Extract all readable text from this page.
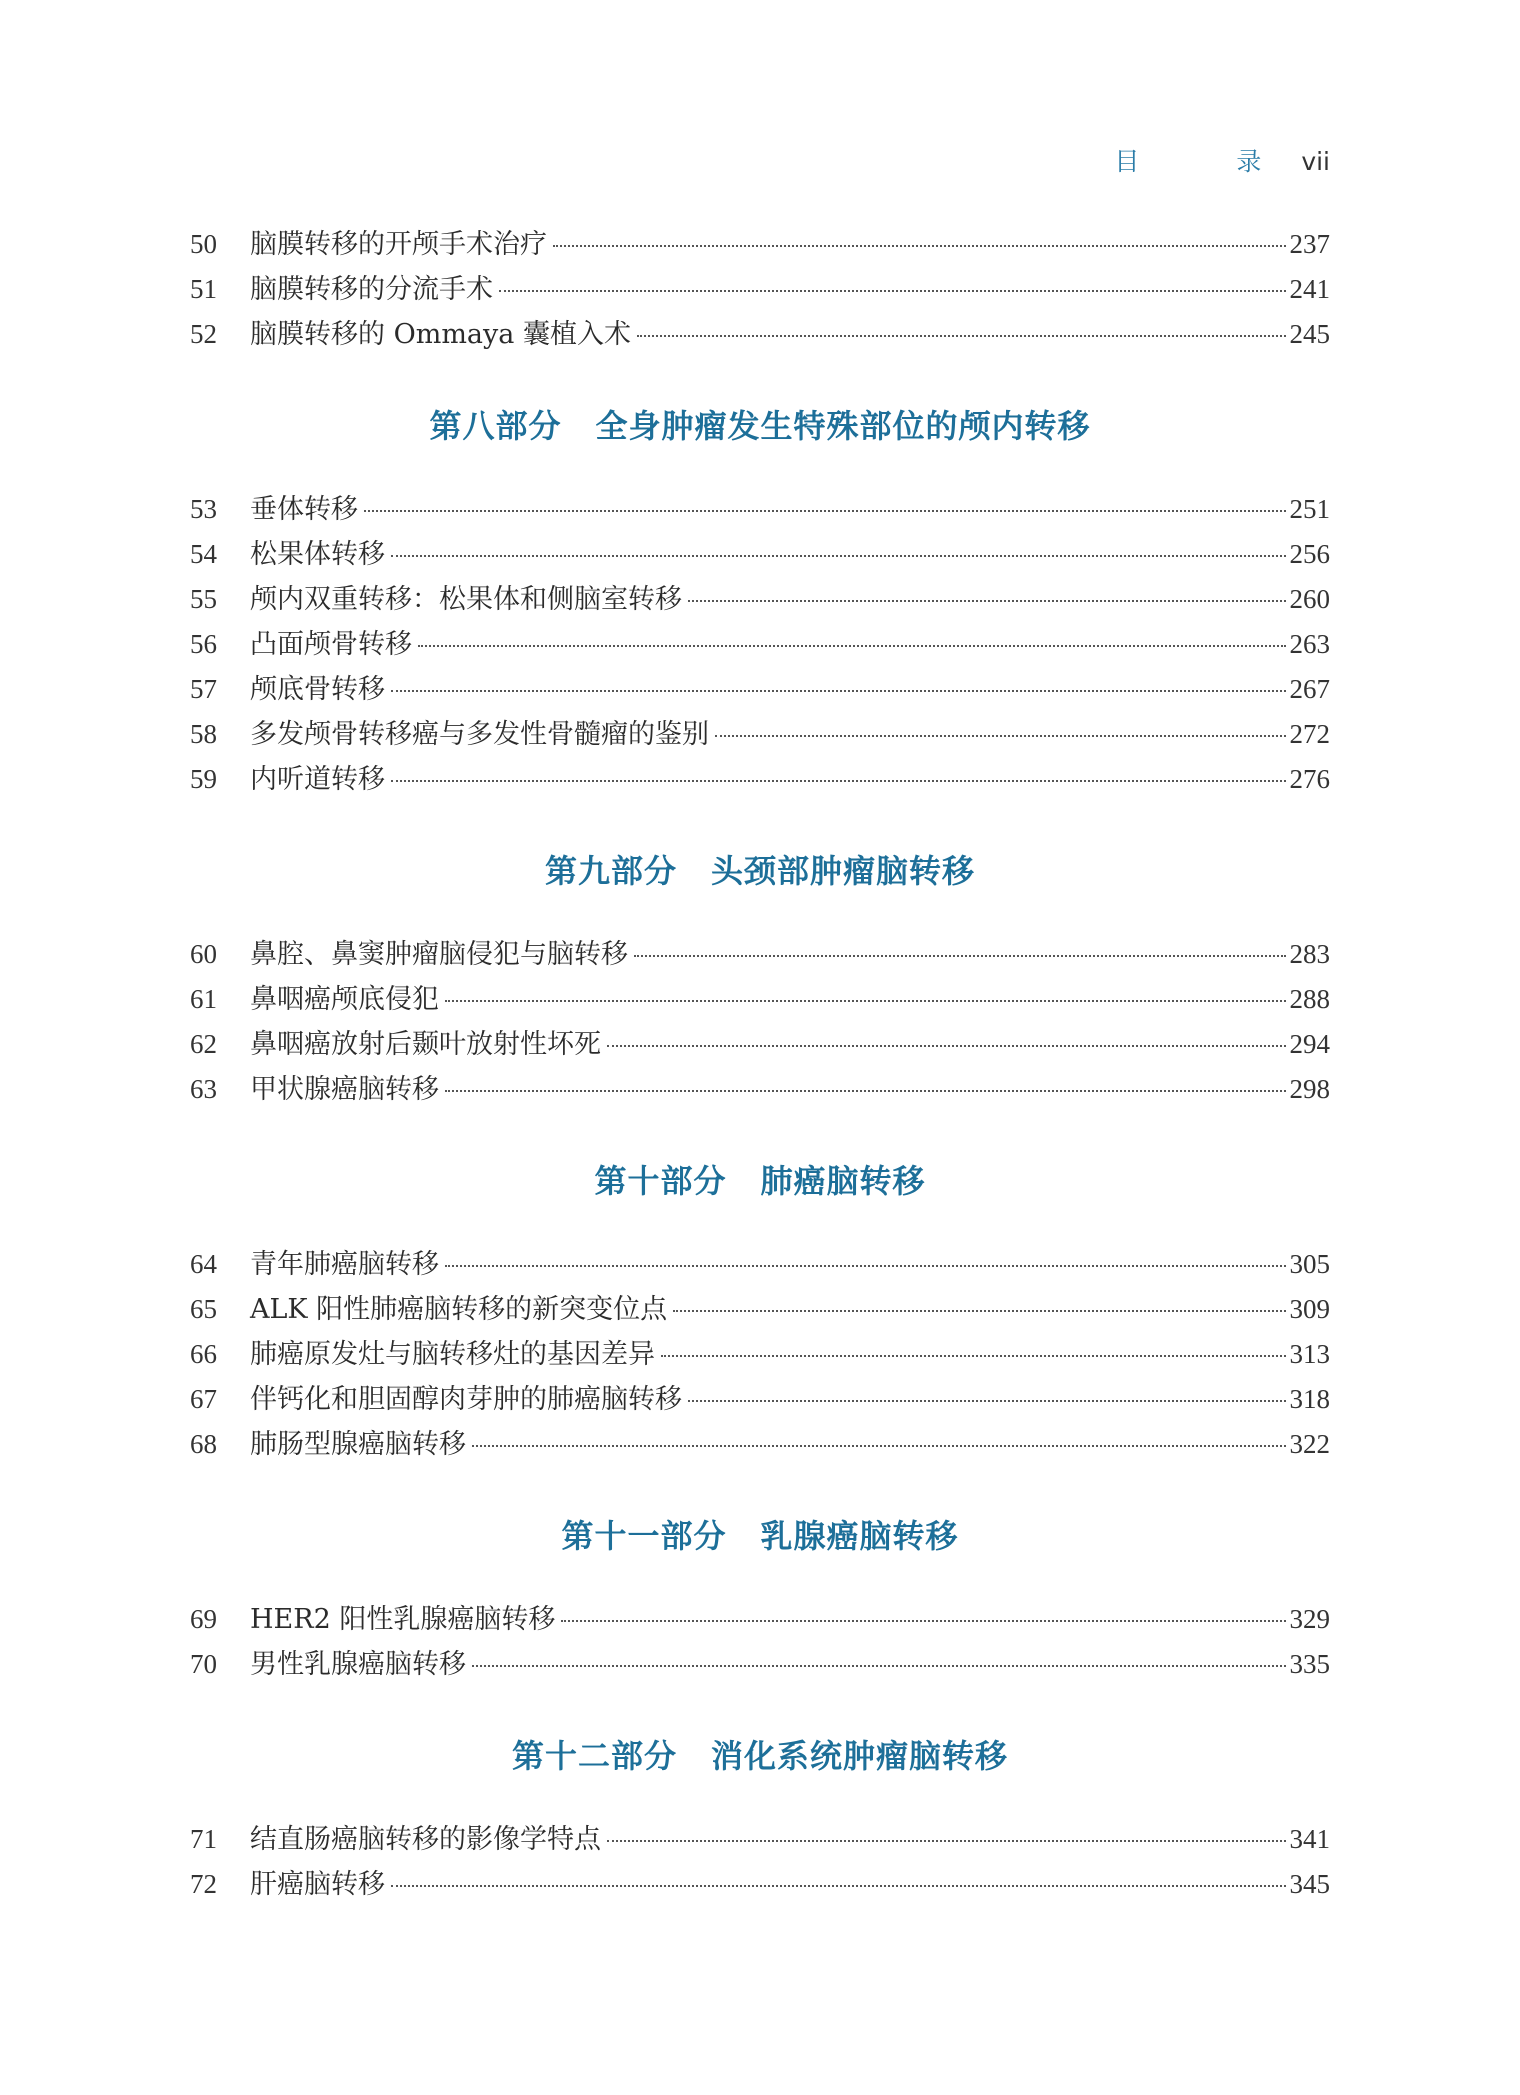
目　录 vii
50	脑膜转移的开颅手术治疗	237
51	脑膜转移的分流手术	241
52	脑膜转移的 Ommaya 囊植入术	245
第八部分 全身肿瘤发生特殊部位的颅内转移
53	垂体转移	251
54	松果体转移	256
55	颅内双重转移：松果体和侧脑室转移	260
56	凸面颅骨转移	263
57	颅底骨转移	267
58	多发颅骨转移癌与多发性骨髓瘤的鉴别	272
59	内听道转移	276
第九部分 头颈部肿瘤脑转移
60	鼻腔、鼻窦肿瘤脑侵犯与脑转移	283
61	鼻咽癌颅底侵犯	288
62	鼻咽癌放射后颞叶放射性坏死	294
63	甲状腺癌脑转移	298
第十部分 肺癌脑转移
64	青年肺癌脑转移	305
65	ALK 阳性肺癌脑转移的新突变位点	309
66	肺癌原发灶与脑转移灶的基因差异	313
67	伴钙化和胆固醇肉芽肿的肺癌脑转移	318
68	肺肠型腺癌脑转移	322
第十一部分 乳腺癌脑转移
69	HER2 阳性乳腺癌脑转移	329
70	男性乳腺癌脑转移	335
第十二部分 消化系统肿瘤脑转移
71	结直肠癌脑转移的影像学特点	341
72	肝癌脑转移	345
